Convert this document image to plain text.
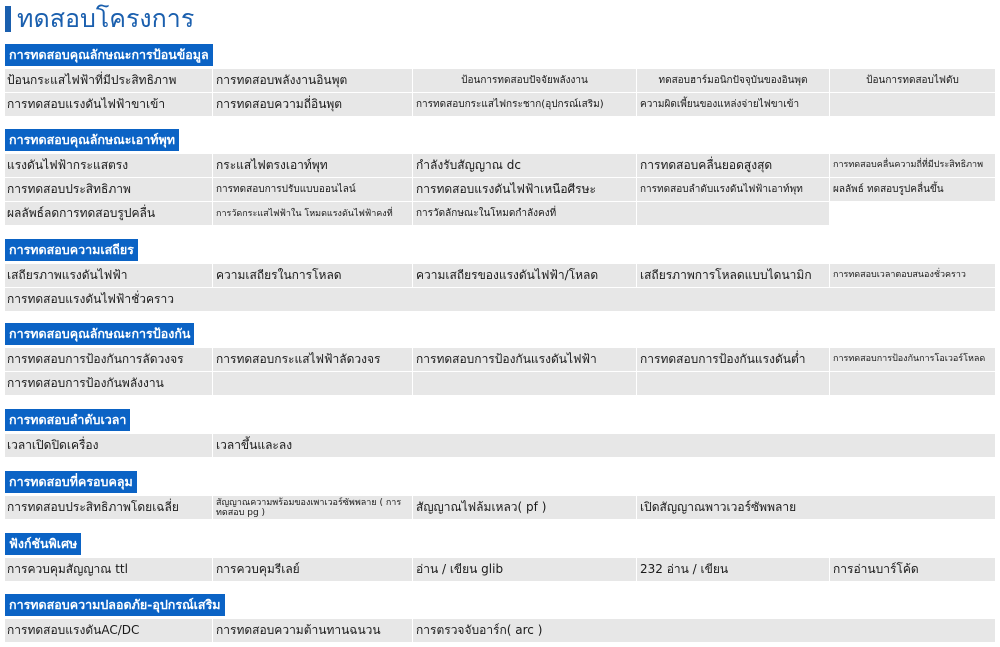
ทดสอบโครงการ
การทดสอบคุณลักษณะการป้อนข้อมูล
ป้อนกระแสไฟฟ้าที่มีประสิทธิภาพ	การทดสอบพลังงานอินพุต	ป้อนการทดสอบปัจจัยพลังงาน	ทดสอบฮาร์มอนิกปัจจุบันของอินพุต	ป้อนการทดสอบไฟดับ
การทดสอบแรงดันไฟฟ้าขาเข้า	การทดสอบความถี่อินพุต	การทดสอบกระแสไฟกระชาก(อุปกรณ์เสริม)	ความผิดเพี้ยนของแหล่งจ่ายไฟขาเข้า
การทดสอบคุณลักษณะเอาท์พุท
แรงดันไฟฟ้ากระแสตรง	กระแสไฟตรงเอาท์พุท	กำลังรับสัญญาณ dc	การทดสอบคลื่นยอดสูงสุด	การทดสอบคลื่นความถี่ที่มีประสิทธิภาพ
การทดสอบประสิทธิภาพ	การทดสอบการปรับแบบออนไลน์	การทดสอบแรงดันไฟฟ้าเหนือศีรษะ	การทดสอบลำดับแรงดันไฟฟ้าเอาท์พุท	ผลลัพธ์ ทดสอบรูปคลื่นขึ้น
ผลลัพธ์ลดการทดสอบรูปคลื่น	การวัดกระแสไฟฟ้าใน โหมดแรงดันไฟฟ้าคงที่	การวัดลักษณะในโหมดกำลังคงที่
การทดสอบความเสถียร
เสถียรภาพแรงดันไฟฟ้า	ความเสถียรในการโหลด	ความเสถียรของแรงดันไฟฟ้า/โหลด	เสถียรภาพการโหลดแบบไดนามิก	การทดสอบเวลาตอบสนองชั่วคราว
การทดสอบแรงดันไฟฟ้าชั่วคราว
การทดสอบคุณลักษณะการป้องกัน
การทดสอบการป้องกันการลัดวงจร	การทดสอบกระแสไฟฟ้าลัดวงจร	การทดสอบการป้องกันแรงดันไฟฟ้า	การทดสอบการป้องกันแรงดันต่ำ	การทดสอบการป้องกันการโอเวอร์โหลด
การทดสอบการป้องกันพลังงาน
การทดสอบลำดับเวลา
เวลาเปิดปิดเครื่อง	เวลาขึ้นและลง
การทดสอบที่ครอบคลุม
การทดสอบประสิทธิภาพโดยเฉลี่ย	สัญญาณความพร้อมของเพาเวอร์ซัพพลาย ( การทดสอบ pg )	สัญญาณไฟล้มเหลว( pf )	เปิดสัญญาณพาวเวอร์ซัพพลาย
ฟังก์ชันพิเศษ
การควบคุมสัญญาณ ttl	การควบคุมรีเลย์	อ่าน / เขียน glib	232 อ่าน / เขียน	การอ่านบาร์โค้ด
การทดสอบความปลอดภัย-อุปกรณ์เสริม
การทดสอบแรงดันAC/DC	การทดสอบความต้านทานฉนวน	การตรวจจับอาร์ก( arc )
